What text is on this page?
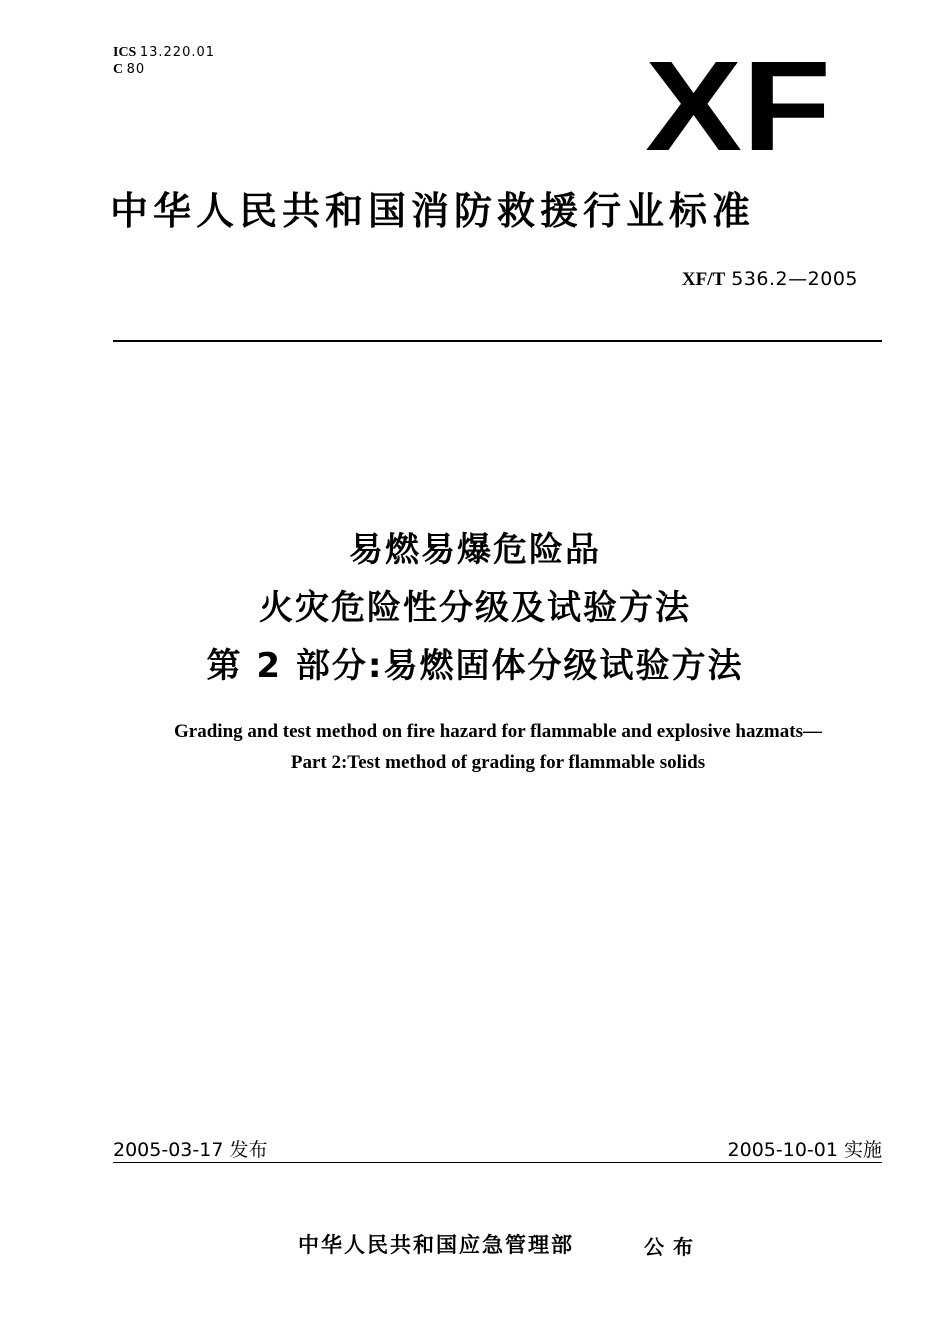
ICS 13.220.01
C 80	XF
中华人民共和国消防救援行业标准
XF/T 536.2—2005
易燃易爆危险品
火灾危险性分级及试验方法
第 2 部分:易燃固体分级试验方法
Grading and test method on fire hazard for flammable and explosive hazmats—
Part 2:Test method of grading for flammable solids
2005-03-17 发布	2005-10-01 实施
中华人民共和国应急管理部	公布
